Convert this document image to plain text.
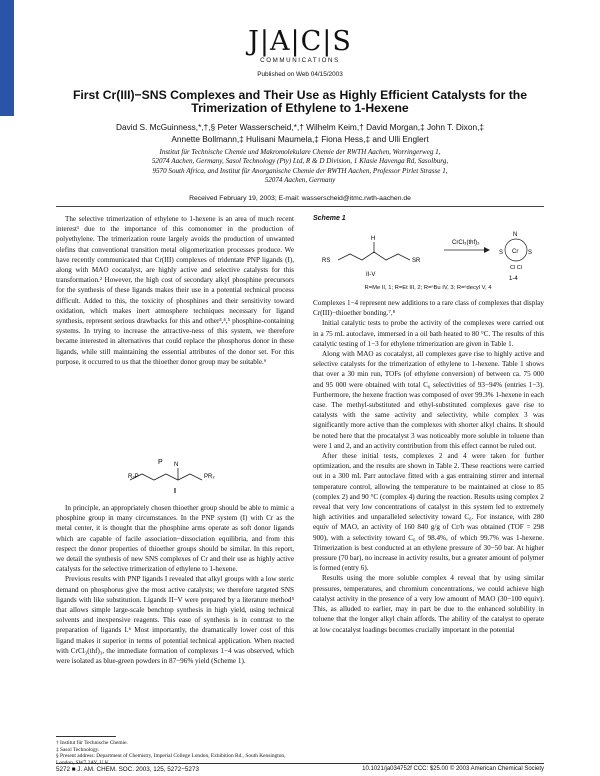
J|A|C|S
COMMUNICATIONS
Published on Web 04/15/2003
First Cr(III)−SNS Complexes and Their Use as Highly Efficient Catalysts for the Trimerization of Ethylene to 1-Hexene
David S. McGuinness,*,†,§ Peter Wasserscheid,*,† Wilhelm Keim,† David Morgan,‡ John T. Dixon,‡
Annette Bollmann,‡ Hulisani Maumela,‡ Fiona Hess,‡ and Ulli Englert
Institut für Technische Chemie und Makromolekulare Chemie der RWTH Aachen, Worringerweg 1,
52074 Aachen, Germany, Sasol Technology (Pty) Ltd, R & D Division, 1 Klasie Havenga Rd, Sasolburg,
9570 South Africa, and Institut für Anorganische Chemie der RWTH Aachen, Professor Pirlet Strasse 1,
52074 Aachen, Germany
Received February 19, 2003; E-mail: wasserscheid@itmc.rwth-aachen.de

The selective trimerization of ethylene to 1-hexene is an area of much recent interest¹ due to the importance of this comonomer in the production of polyethylene. The trimerization route largely avoids the production of unwanted olefins that conventional transition metal oligomerization processes produce. We have recently communicated that Cr(III) complexes of tridentate PNP ligands (I), along with MAO cocatalyst, are highly active and selective catalysts for this transformation.² However, the high cost of secondary alkyl phosphine precursors for the synthesis of these ligands makes their use in a potential technical process difficult. Added to this, the toxicity of phosphines and their sensitivity toward oxidation, which makes inert atmosphere techniques necessary for ligand synthesis, represent serious drawbacks for this and other³,⁴,⁵ phosphine-containing systems. In trying to increase the attractive-ness of this system, we therefore became interested in alternatives that could replace the phosphorus donor in these ligands, while still maintaining the essential attributes of the donor set. For this purpose, it occurred to us that the thioether donor group may be suitable.⁶

P N
R₂P	PR₂
I

In principle, an appropriately chosen thioether group should be able to mimic a phosphine group in many circumstances. In the PNP system (I) with Cr as the metal center, it is thought that the phosphine arms operate as soft donor ligands which are capable of facile association−dissociation equilibria, and from this respect the donor properties of thioether groups should be similar. In this report, we detail the synthesis of new SNS complexes of Cr and their use as highly active catalysts for the selective trimerization of ethylene to 1-hexene.

Previous results with PNP ligands I revealed that alkyl groups with a low steric demand on phosphorus give the most active catalysts; we therefore targeted SNS ligands with like substitution. Ligands II−V were prepared by a literature method⁵ that allows simple large-scale benchtop synthesis in high yield, using technical solvents and inexpensive reagents. This ease of synthesis is in contrast to the preparation of ligands I.⁶ Most importantly, the dramatically lower cost of this ligand makes it superior in terms of potential technical application. When reacted with CrCl₃(thf)₃, the immediate formation of complexes 1−4 was observed, which were isolated as blue-green powders in 87−96% yield (Scheme 1).

† Institut für Technische Chemie.
‡ Sasol Technology.
§ Present address: Department of Chemistry, Imperial College London, Exhibition Rd., South Kensington, London, SW7 2AY, U.K.
Scheme 1
H
RS	SR
II-V
CrCl₃(thf)₃
Cr
S	S
N
Cl Cl
1-4
R=Me II, 1; R=Et III, 2; R=ⁿBu IV, 3; R=ⁿdecyl V, 4

Complexes 1−4 represent new additions to a rare class of complexes that display Cr(III)−thioether bonding.⁷,⁸

Initial catalytic tests to probe the activity of the complexes were carried out in a 75 mL autoclave, immersed in a oil bath heated to 80 °C. The results of this catalytic testing of 1−3 for ethylene trimerization are given in Table 1.

Along with MAO as cocatalyst, all complexes gave rise to highly active and selective catalysts for the trimerization of ethylene to 1-hexene. Table 1 shows that over a 30 min run, TOFs (of ethylene conversion) of between ca. 75 000 and 95 000 were obtained with total C₆ selectivities of 93−94% (entries 1−3). Furthermore, the hexene fraction was composed of over 99.3% 1-hexene in each case. The methyl-substituted and ethyl-substituted complexes gave rise to catalysts with the same activity and selectivity, while complex 3 was significantly more active than the complexes with shorter alkyl chains. It should be noted here that the procatalyst 3 was noticeably more soluble in toluene than were 1 and 2, and an activity contribution from this effect cannot be ruled out.

After these initial tests, complexes 2 and 4 were taken for further optimization, and the results are shown in Table 2. These reactions were carried out in a 300 mL Parr autoclave fitted with a gas entraining stirrer and internal temperature control, allowing the temperature to be maintained at close to 85 (complex 2) and 90 °C (complex 4) during the reaction. Results using complex 2 reveal that very low concentrations of catalyst in this system led to extremely high activities and unparalleled selectivity toward C₆. For instance, with 280 equiv of MAO, an activity of 160 840 g/g of Cr/h was obtained (TOF = 298 900), with a selectivity toward C₆ of 98.4%, of which 99.7% was 1-hexene. Trimerization is best conducted at an ethylene pressure of 30−50 bar. At higher pressure (70 bar), no increase in activity results, but a greater amount of polymer is formed (entry 6).

Results using the more soluble complex 4 reveal that by using similar pressures, temperatures, and chromium concentrations, we could achieve high catalyst activity in the presence of a very low amount of MAO (30−100 equiv). This, as alluded to earlier, may in part be due to the enhanced solubility in toluene that the longer alkyl chain affords. The ability of the catalyst to operate at low cocatalyst loadings becomes crucially important in the potential

5272 ■ J. AM. CHEM. SOC. 2003, 125, 5272−5273	10.1021/ja034752f CCC: $25.00 © 2003 American Chemical Society
